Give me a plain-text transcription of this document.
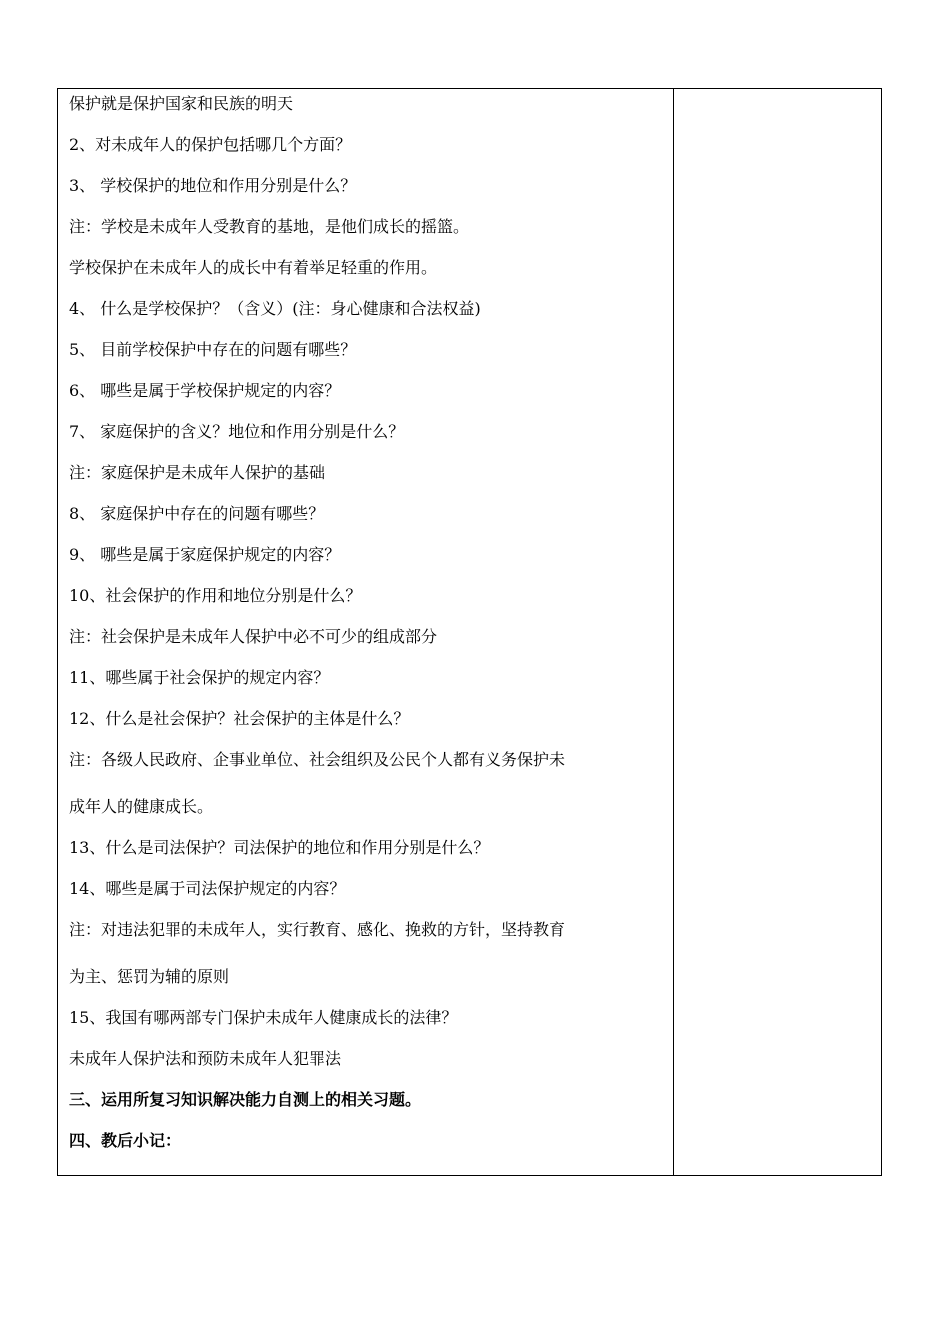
保护就是保护国家和民族的明天
2、对未成年人的保护包括哪几个方面？
3、 学校保护的地位和作用分别是什么？
注：学校是未成年人受教育的基地，是他们成长的摇篮。
学校保护在未成年人的成长中有着举足轻重的作用。
4、 什么是学校保护？（含义）(注：身心健康和合法权益)
5、 目前学校保护中存在的问题有哪些？
6、 哪些是属于学校保护规定的内容？
7、 家庭保护的含义？地位和作用分别是什么？
注：家庭保护是未成年人保护的基础
8、 家庭保护中存在的问题有哪些？
9、 哪些是属于家庭保护规定的内容？
10、社会保护的作用和地位分别是什么？
注：社会保护是未成年人保护中必不可少的组成部分
11、哪些属于社会保护的规定内容？
12、什么是社会保护？社会保护的主体是什么？
注：各级人民政府、企事业单位、社会组织及公民个人都有义务保护未
成年人的健康成长。
13、什么是司法保护？司法保护的地位和作用分别是什么？
14、哪些是属于司法保护规定的内容？
注：对违法犯罪的未成年人，实行教育、感化、挽救的方针，坚持教育
为主、惩罚为辅的原则
15、我国有哪两部专门保护未成年人健康成长的法律？
未成年人保护法和预防未成年人犯罪法
三、运用所复习知识解决能力自测上的相关习题。
四、教后小记：
